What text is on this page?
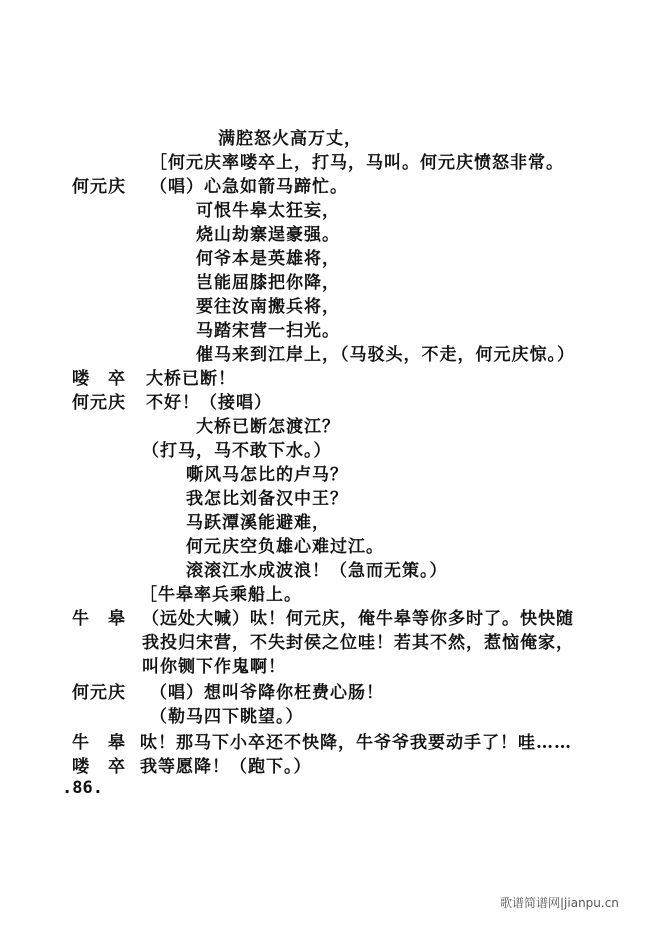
满腔怒火高万丈，
［何元庆率喽卒上，打马，马叫。何元庆愤怒非常。
何元庆 （唱）心急如箭马蹄忙。
可恨牛皋太狂妄，
烧山劫寨逞豪强。
何爷本是英雄将，
岂能屈膝把你降，
要往汝南搬兵将，
马踏宋营一扫光。
催马来到江岸上，（马驳头，不走，何元庆惊。）
喽　卒 大桥已断！
何元庆 不好！（接唱）
大桥已断怎渡江？
（打马，马不敢下水。）
嘶风马怎比的卢马？
我怎比刘备汉中王？
马跃潭溪能避难，
何元庆空负雄心难过江。
滚滚江水成波浪！（急而无策。）
［牛皋率兵乘船上。
牛　皋 （远处大喊）呔！何元庆，俺牛皋等你多时了。快快随
我投归宋营，不失封侯之位哇！若其不然，惹恼俺家，
叫你铡下作鬼啊！
何元庆 （唱）想叫爷降你枉费心肠！
（勒马四下眺望。）
牛　皋 呔！那马下小卒还不快降，牛爷爷我要动手了！哇……
喽　卒 我等愿降！（跑下。）
.86.
歌谱简谱网|jianpu.cn
